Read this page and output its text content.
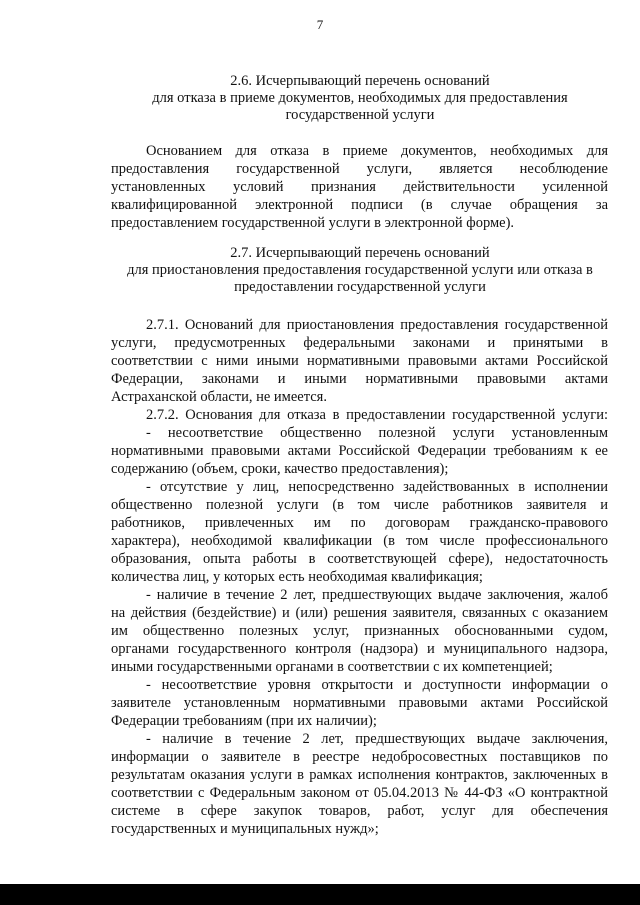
7
2.6. Исчерпывающий перечень оснований
для отказа в приеме документов, необходимых для предоставления
государственной услуги
Основанием для отказа в приеме документов, необходимых для
предоставления государственной услуги, является несоблюдение
установленных условий признания действительности усиленной
квалифицированной электронной подписи (в случае обращения за
предоставлением государственной услуги в электронной форме).
2.7. Исчерпывающий перечень оснований
для приостановления предоставления государственной услуги или отказа в
предоставлении государственной услуги
2.7.1. Оснований для приостановления предоставления государственной
услуги, предусмотренных федеральными законами и принятыми в
соответствии с ними иными нормативными правовыми актами Российской
Федерации, законами и иными нормативными правовыми актами
Астраханской области, не имеется.
2.7.2. Основания для отказа в предоставлении государственной услуги:
- несоответствие общественно полезной услуги установленным
нормативными правовыми актами Российской Федерации требованиям к ее
содержанию (объем, сроки, качество предоставления);
- отсутствие у лиц, непосредственно задействованных в исполнении
общественно полезной услуги (в том числе работников заявителя и
работников, привлеченных им по договорам гражданско-правового
характера), необходимой квалификации (в том числе профессионального
образования, опыта работы в соответствующей сфере), недостаточность
количества лиц, у которых есть необходимая квалификация;
- наличие в течение 2 лет, предшествующих выдаче заключения, жалоб
на действия (бездействие) и (или) решения заявителя, связанных с оказанием
им общественно полезных услуг, признанных обоснованными судом,
органами государственного контроля (надзора) и муниципального надзора,
иными государственными органами в соответствии с их компетенцией;
- несоответствие уровня открытости и доступности информации о
заявителе установленным нормативными правовыми актами Российской
Федерации требованиям (при их наличии);
- наличие в течение 2 лет, предшествующих выдаче заключения,
информации о заявителе в реестре недобросовестных поставщиков по
результатам оказания услуги в рамках исполнения контрактов, заключенных в
соответствии с Федеральным законом от 05.04.2013 № 44-ФЗ «О контрактной
системе в сфере закупок товаров, работ, услуг для обеспечения
государственных и муниципальных нужд»;
